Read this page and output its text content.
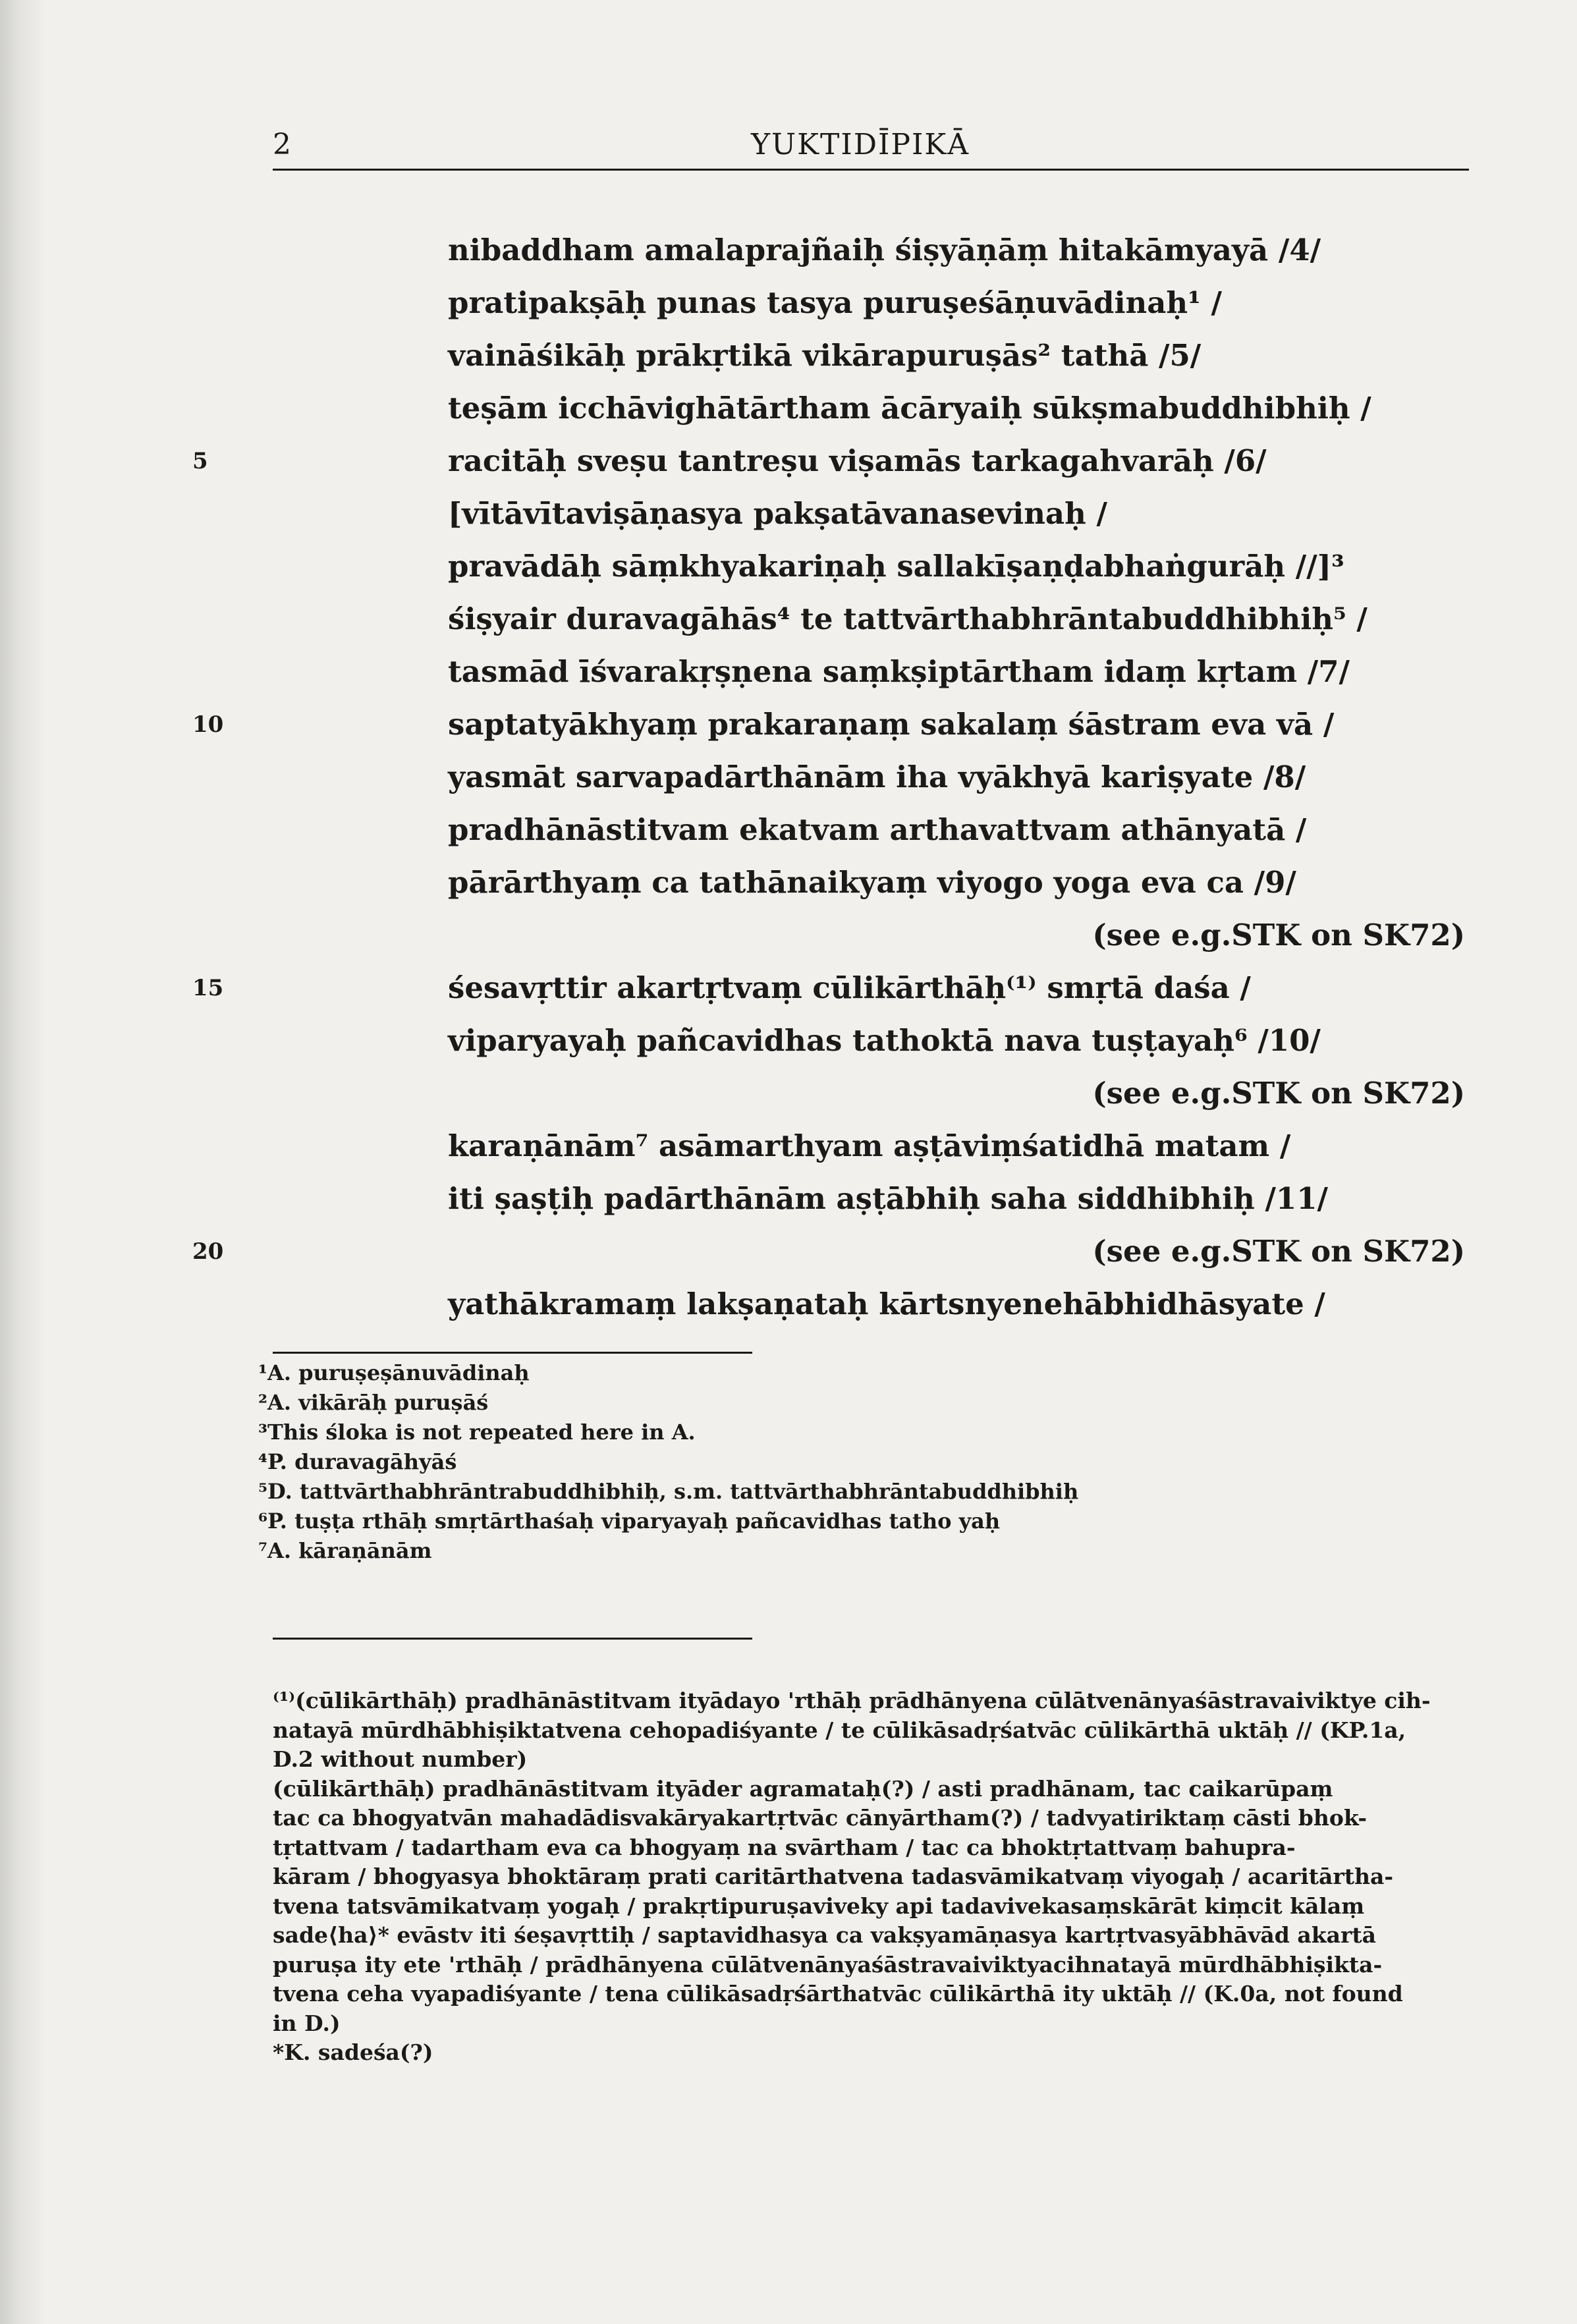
2	YUKTIDĪPIKĀ
nibaddham amalaprajñaiḥ śiṣyāṇāṃ hitakāmyayā /4/
pratipakṣāḥ punas tasya puruṣeśāṇuvādinaḥ¹ /
vaināśikāḥ prākṛtikā vikārapuruṣās² tathā /5/
teṣām icchāvighātārtham ācāryaiḥ sūkṣmabuddhibhiḥ /
racitāḥ sveṣu tantreṣu viṣamās tarkagahvarāḥ /6/
[vītāvītaviṣāṇasya pakṣatāvanasevinaḥ /
pravādāḥ sāṃkhyakariṇaḥ sallakīṣaṇḍabhaṅgurāḥ //]³
śiṣyair duravagāhās⁴ te tattvārthabhrāntabuddhibhiḥ⁵ /
tasmād īśvarakṛṣṇena saṃkṣiptārtham idaṃ kṛtam /7/
saptatyākhyaṃ prakaraṇaṃ sakalaṃ śāstram eva vā /
yasmāt sarvapadārthānām iha vyākhyā kariṣyate /8/
pradhānāstitvam ekatvam arthavattvam athānyatā /
pārārthyaṃ ca tathānaikyaṃ viyogo yoga eva ca /9/
(see e.g.STK on SK72)
śesavṛttir akartṛtvaṃ cūlikārthāḥ⁽¹⁾ smṛtā daśa /
viparyayaḥ pañcavidhas tathoktā nava tuṣṭayaḥ⁶ /10/
(see e.g.STK on SK72)
karaṇānām⁷ asāmarthyam aṣṭāviṃśatidhā matam /
iti ṣaṣṭiḥ padārthānām aṣṭābhiḥ saha siddhibhiḥ /11/
(see e.g.STK on SK72)
yathākramaṃ lakṣaṇataḥ kārtsnyenehābhidhāsyate /
5
10
15
20
¹A. puruṣeṣānuvādinaḥ
²A. vikārāḥ puruṣāś
³This śloka is not repeated here in A.
⁴P. duravagāhyāś
⁵D. tattvārthabhrāntrabuddhibhiḥ, s.m. tattvārthabhrāntabuddhibhiḥ
⁶P. tuṣṭa rthāḥ smṛtārthaśaḥ viparyayaḥ pañcavidhas tatho yaḥ
⁷A. kāraṇānām
⁽¹⁾(cūlikārthāḥ) pradhānāstitvam ityādayo 'rthāḥ prādhānyena cūlātvenānyaśāstravaiviktye cih-
natayā mūrdhābhiṣiktatvena cehopadiśyante / te cūlikāsadṛśatvāc cūlikārthā uktāḥ // (KP.1a,
D.2 without number)
(cūlikārthāḥ) pradhānāstitvam ityāder agramataḥ(?) / asti pradhānam, tac caikarūpaṃ
tac ca bhogyatvān mahadādisvakāryakartṛtvāc cānyārtham(?) / tadvyatiriktaṃ cāsti bhok-
tṛtattvam / tadartham eva ca bhogyaṃ na svārtham / tac ca bhoktṛtattvaṃ bahupra-
kāram / bhogyasya bhoktāraṃ prati caritārthatvena tadasvāmikatvaṃ viyogaḥ / acaritārtha-
tvena tatsvāmikatvaṃ yogaḥ / prakṛtipuruṣaviveky api tadavivekasaṃskārāt kiṃcit kālaṃ
sade⟨ha⟩* evāstv iti śeṣavṛttiḥ / saptavidhasya ca vakṣyamāṇasya kartṛtvasyābhāvād akartā
puruṣa ity ete 'rthāḥ / prādhānyena cūlātvenānyaśāstravaiviktyacihnatayā mūrdhābhiṣikta-
tvena ceha vyapadiśyante / tena cūlikāsadṛśārthatvāc cūlikārthā ity uktāḥ // (K.0a, not found
in D.)
*K. sadeśa(?)
